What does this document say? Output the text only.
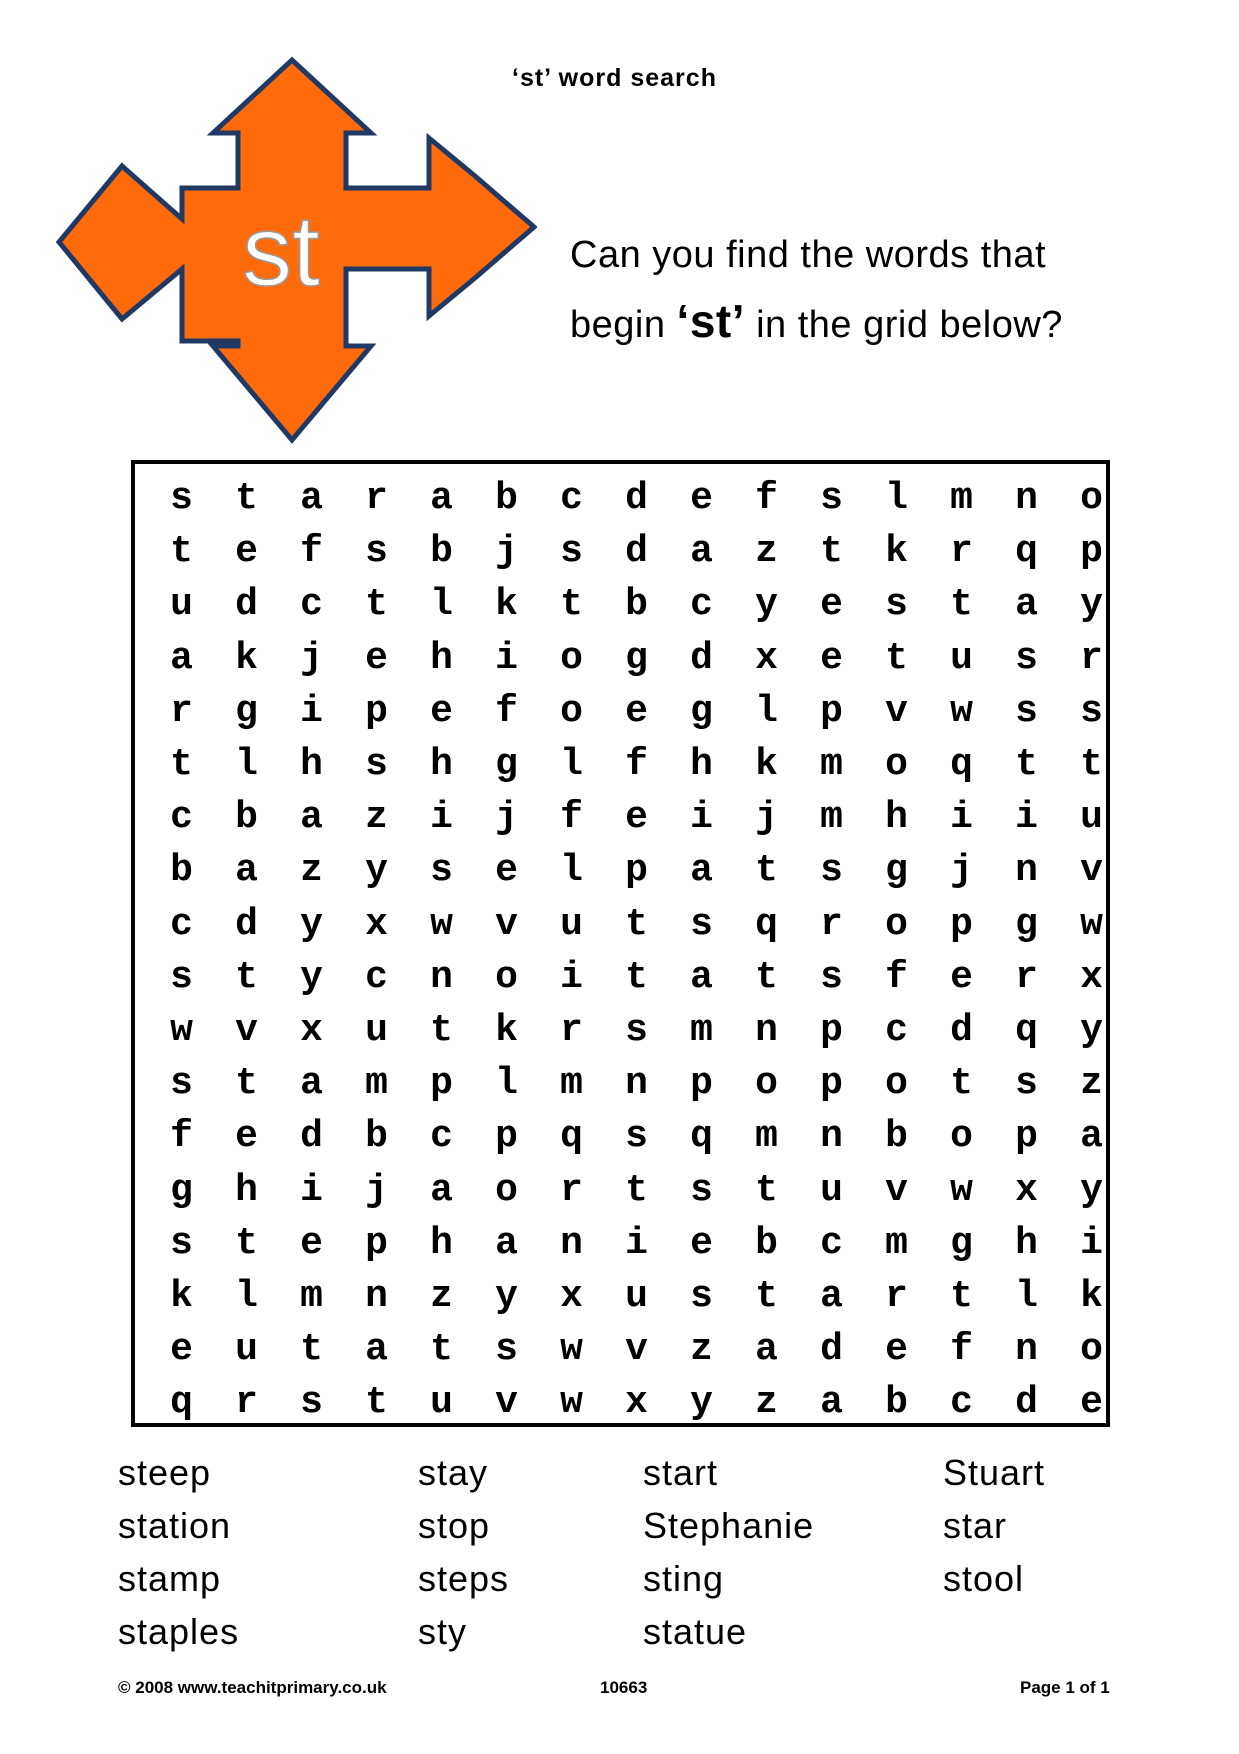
‘st’ word search
st	Can you find the words that
begin ‘st’ in the grid below?
s	t	a	r	a	b	c	d	e	f	s	l	m	n	o
t	e	f	s	b	j	s	d	a	z	t	k	r	q	p
u	d	c	t	l	k	t	b	c	y	e	s	t	a	y
a	k	j	e	h	i	o	g	d	x	e	t	u	s	r
r	g	i	p	e	f	o	e	g	l	p	v	w	s	s
t	l	h	s	h	g	l	f	h	k	m	o	q	t	t
c	b	a	z	i	j	f	e	i	j	m	h	i	i	u
b	a	z	y	s	e	l	p	a	t	s	g	j	n	v
c	d	y	x	w	v	u	t	s	q	r	o	p	g	w
s	t	y	c	n	o	i	t	a	t	s	f	e	r	x
w	v	x	u	t	k	r	s	m	n	p	c	d	q	y
s	t	a	m	p	l	m	n	p	o	p	o	t	s	z
f	e	d	b	c	p	q	s	q	m	n	b	o	p	a
g	h	i	j	a	o	r	t	s	t	u	v	w	x	y
s	t	e	p	h	a	n	i	e	b	c	m	g	h	i
k	l	m	n	z	y	x	u	s	t	a	r	t	l	k
e	u	t	a	t	s	w	v	z	a	d	e	f	n	o
q	r	s	t	u	v	w	x	y	z	a	b	c	d	e
steep	stay	start	Stuart
station	stop	Stephanie	star
stamp	steps	sting	stool
staples	sty	statue
© 2008 www.teachitprimary.co.uk	10663	Page 1 of 1
